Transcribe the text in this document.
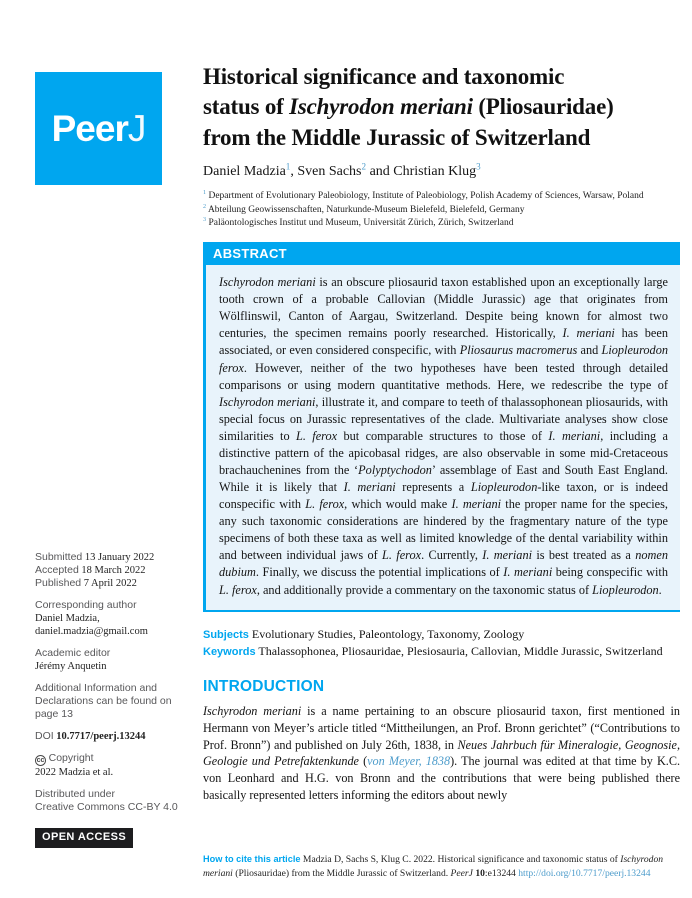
PeerJ
Submitted 13 January 2022
Accepted 18 March 2022
Published 7 April 2022
Corresponding author
Daniel Madzia,
daniel.madzia@gmail.com
Academic editor
Jérémy Anquetin
Additional Information and Declarations can be found on page 13
DOI 10.7717/peerj.13244
cc Copyright
2022 Madzia et al.
Distributed under
Creative Commons CC-BY 4.0
OPEN ACCESS
Historical significance and taxonomic
status of Ischyrodon meriani (Pliosauridae)
from the Middle Jurassic of Switzerland

Daniel Madzia$^1$, Sven Sachs$^2$ and Christian Klug$^3$

$^1$ Department of Evolutionary Paleobiology, Institute of Paleobiology, Polish Academy of Sciences, Warsaw, Poland
$^2$ Abteilung Geowissenschaften, Naturkunde-Museum Bielefeld, Bielefeld, Germany
$^3$ Paläontologisches Institut und Museum, Universität Zürich, Zürich, Switzerland
ABSTRACT
Ischyrodon meriani is an obscure pliosaurid taxon established upon an exceptionally large tooth crown of a probable Callovian (Middle Jurassic) age that originates from Wölflinswil, Canton of Aargau, Switzerland. Despite being known for almost two centuries, the specimen remains poorly researched. Historically, I. meriani has been associated, or even considered conspecific, with Pliosaurus macromerus and Liopleurodon ferox. However, neither of the two hypotheses have been tested through detailed comparisons or using modern quantitative methods. Here, we redescribe the type of Ischyrodon meriani, illustrate it, and compare to teeth of thalassophonean pliosaurids, with special focus on Jurassic representatives of the clade. Multivariate analyses show close similarities to L. ferox but comparable structures to those of I. meriani, including a distinctive pattern of the apicobasal ridges, are also observable in some mid-Cretaceous brachauchenines from the ‘Polyptychodon’ assemblage of East and South East England. While it is likely that I. meriani represents a Liopleurodon-like taxon, or is indeed conspecific with L. ferox, which would make I. meriani the proper name for the species, any such taxonomic considerations are hindered by the fragmentary nature of the type specimens of both these taxa as well as limited knowledge of the dental variability within and between individual jaws of L. ferox. Currently, I. meriani is best treated as a nomen dubium. Finally, we discuss the potential implications of I. meriani being conspecific with L. ferox, and additionally provide a commentary on the taxonomic status of Liopleurodon.
Subjects Evolutionary Studies, Paleontology, Taxonomy, Zoology
Keywords Thalassophonea, Pliosauridae, Plesiosauria, Callovian, Middle Jurassic, Switzerland
INTRODUCTION

Ischyrodon meriani is a name pertaining to an obscure pliosaurid taxon, first mentioned in Hermann von Meyer’s article titled “Mittheilungen, an Prof. Bronn gerichtet” (“Contributions to Prof. Bronn”) and published on July 26th, 1838, in Neues Jahrbuch für Mineralogie, Geognosie, Geologie und Petrefaktenkunde (von Meyer, 1838). The journal was edited at that time by K.C. von Leonhard and H.G. von Bronn and the contributions that were being published there basically represented letters informing the editors about newly

How to cite this article Madzia D, Sachs S, Klug C. 2022. Historical significance and taxonomic status of Ischyrodon meriani (Pliosauridae) from the Middle Jurassic of Switzerland. PeerJ 10:e13244 http://doi.org/10.7717/peerj.13244
